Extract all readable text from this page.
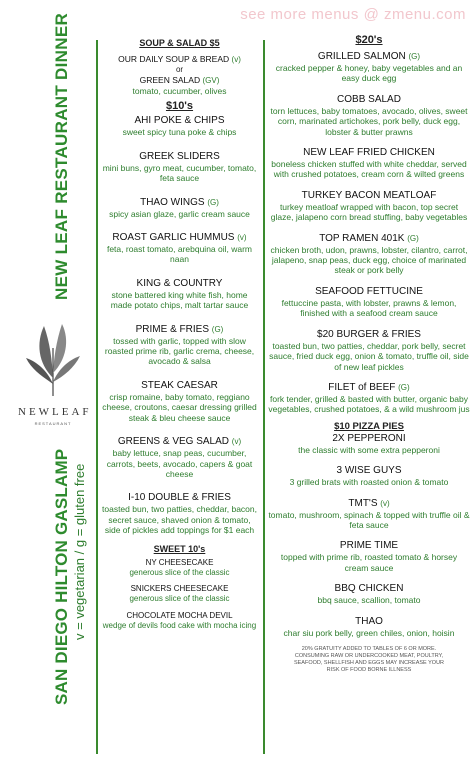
see more menus @ zmenu.com
NEW LEAF RESTAURANT DINNER
SAN DIEGO HILTON GASLAMP v = vegetarian / g = gluten free
NEWLEAF
RESTAURANT
SOUP & SALAD $5
OUR DAILY SOUP & BREAD (v)
or
GREEN SALAD (GV)
tomato, cucumber, olives
$10's
AHI POKE & CHIPS
sweet spicy tuna poke & chips
GREEK SLIDERS
mini buns, gyro meat, cucumber, tomato, feta sauce
THAO WINGS (G)
spicy asian glaze, garlic cream sauce
ROAST GARLIC HUMMUS (v)
feta, roast tomato, arebquina oil, warm naan
KING & COUNTRY
stone battered king white fish, home made potato chips, malt tartar sauce
PRIME & FRIES (G)
tossed with garlic, topped with slow roasted prime rib, garlic crema, cheese, avocado & salsa
STEAK CAESAR
crisp romaine, baby tomato, reggiano cheese, croutons, caesar dressing grilled steak & bleu cheese sauce
GREENS & VEG SALAD (v)
baby lettuce, snap peas, cucumber, carrots, beets, avocado, capers & goat cheese
I-10 DOUBLE & FRIES
toasted bun, two patties, cheddar, bacon, secret sauce, shaved onion & tomato, side of pickles add toppings for $1 each
SWEET 10's
NY CHEESECAKE
generous slice of the classic
SNICKERS CHEESECAKE
generous slice of the classic
CHOCOLATE MOCHA DEVIL
wedge of devils food cake with mocha icing
$20's
GRILLED SALMON (G)
cracked pepper & honey, baby vegetables and an easy duck egg
COBB SALAD
torn lettuces, baby tomatoes, avocado, olives, sweet corn, marinated artichokes, pork belly, duck egg, lobster & butter prawns
NEW LEAF FRIED CHICKEN
boneless chicken stuffed with white cheddar, served with crushed potatoes, cream corn & wilted greens
TURKEY BACON MEATLOAF
turkey meatloaf wrapped with bacon, top secret glaze, jalapeno corn bread stuffing, baby vegetables
TOP RAMEN 401K (G)
chicken broth, udon, prawns, lobster, cilantro, carrot, jalapeno, snap peas, duck egg, choice of marinated steak or pork belly
SEAFOOD FETTUCINE
fettuccine pasta, with lobster, prawns & lemon, finished with a seafood cream sauce
$20 BURGER & FRIES
toasted bun, two patties, cheddar, pork belly, secret sauce, fried duck egg, onion & tomato, truffle oil, side of new leaf pickles
FILET of BEEF (G)
fork tender, grilled & basted with butter, organic baby vegetables, crushed potatoes, & a wild mushroom jus
$10 PIZZA PIES
2X PEPPERONI
the classic with some extra pepperoni
3 WISE GUYS
3 grilled brats with roasted onion & tomato
TMT'S (v)
tomato, mushroom, spinach & topped with truffle oil & feta sauce
PRIME TIME
topped with prime rib, roasted tomato & horsey cream sauce
BBQ CHICKEN
bbq sauce, scallion, tomato
THAO
char siu pork belly, green chiles, onion, hoisin
20% GRATUITY ADDED TO TABLES OF 6 OR MORE. CONSUMING RAW OR UNDERCOOKED MEAT, POULTRY, SEAFOOD, SHELLFISH AND EGGS MAY INCREASE YOUR RISK OF FOOD BORNE ILLNESS
